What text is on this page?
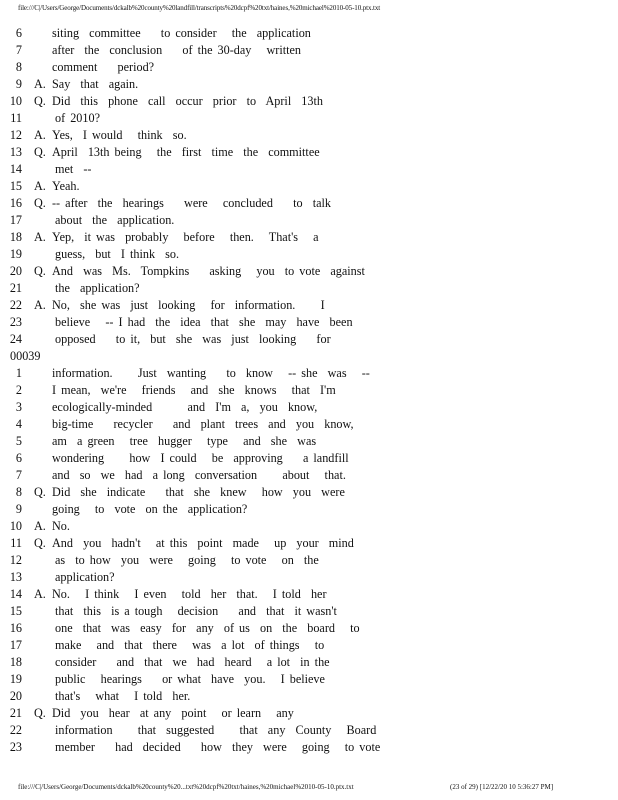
file:///C|/Users/George/Documents/dckalb%20county%20landfill/transcripts%20dcpf%20txt/haines,%20michael%2010-05-10.ptx.txt
6 siting  committee    to consider   the  application
7 after  the  conclusion    of the 30-day   written
8 comment    period?
9 A. Say  that  again.
10 Q. Did  this  phone  call  occur  prior  to  April  13th
11	of 2010?
12 A. Yes,  I would   think  so.
13 Q. April  13th being   the  first  time  the  committee
14	met  --
15 A. Yeah.
16 Q. -- after  the  hearings    were   concluded    to  talk
17	about  the  application.
18 A. Yep,  it was  probably   before   then.   That's   a
19	guess,  but  I think  so.
20 Q. And  was  Ms.  Tompkins    asking   you  to vote  against
21	the  application?
22 A. No,  she was  just  looking   for  information.     I
23	believe   -- I had  the  idea  that  she  may  have  been
24	opposed    to it,  but  she  was  just  looking    for
00039
1 information.     Just  wanting    to  know   -- she  was   --
2 I mean,  we're   friends   and  she  knows   that  I'm
3 ecologically-minded       and  I'm  a,  you  know,
4 big-time    recycler    and  plant  trees  and  you  know,
5 am  a green   tree  hugger   type   and  she  was
6 wondering     how  I could   be  approving    a landfill
7 and  so  we  had  a long  conversation     about   that.
8 Q. Did  she  indicate    that  she  knew   how  you  were
9 going   to  vote  on the  application?
10 A. No.
11 Q. And  you  hadn't   at this  point  made   up  your  mind
12	as  to how  you  were   going   to vote   on  the
13	application?
14 A. No.   I think   I even   told  her  that.   I told  her
15	that  this  is a tough   decision    and  that  it wasn't
16	one  that  was  easy  for  any  of us  on  the  board   to
17	make   and  that  there   was  a lot  of things   to
18	consider    and  that  we  had  heard   a lot  in the
19	public   hearings    or what  have  you.   I believe
20	that's   what   I told  her.
21 Q. Did  you  hear  at any  point   or learn   any
22	information     that  suggested     that  any  County   Board
23	member    had  decided    how  they  were   going   to vote
file:///C|/Users/George/Documents/dckalb%20county%20...txt%20dcpf%20txt/haines,%20michael%2010-05-10.ptx.txt	(23 of 29) [12/22/20 10 5:36:27 PM]
